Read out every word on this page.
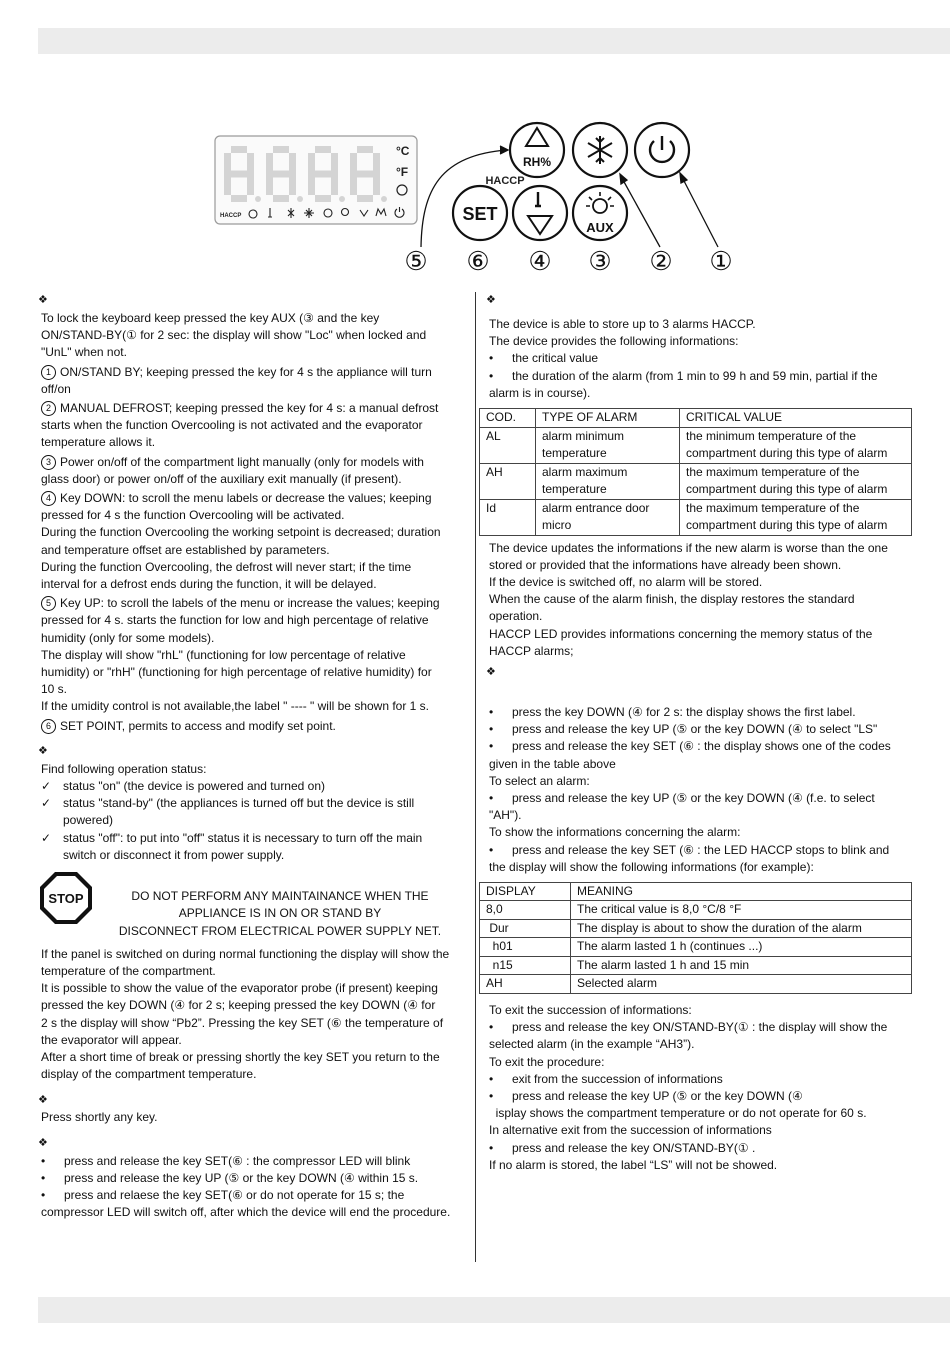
°C
°F
HACCP
RH%
HACCP
SET
AUX
⑤ ⑥ ④ ③ ② ①
❖

To lock the keyboard keep pressed the key AUX (③ and the key

ON/STAND-BY(① for 2 sec: the display will show "Loc" when locked and

"UnL" when not.

1 ON/STAND BY; keeping pressed the key for 4 s the appliance will turn

off/on

2 MANUAL DEFROST; keeping pressed the key for 4 s: a manual defrost

starts when the function Overcooling is not activated and the evaporator

temperature allows it.

3 Power on/off of the compartment light manually (only for models with

glass door) or power on/off of the auxiliary exit manually (if present).

4 Key DOWN: to scroll the menu labels or decrease the values; keeping

pressed for 4 s the function Overcooling will be activated.

During the function Overcooling the working setpoint is decreased; duration

and temperature offset are established by parameters.

During the function Overcooling, the defrost will never start; if the time

interval for a defrost ends during the function, it will be delayed.

5 Key UP: to scroll the labels of the menu or increase the values; keeping

pressed for 4 s. starts the function for low and high percentage of relative

humidity (only for some models).

The display will show "rhL" (functioning for low percentage of relative

humidity) or "rhH" (functioning for high percentage of relative humidity) for

10 s.

If the umidity control is not available,the label " ---- " will be shown for 1 s.

6 SET POINT, permits to access and modify set point.
❖

Find following operation status:

✓ status "on" (the device is powered and turned on)
✓ status "stand-by" (the appliances is turned off but the device is still
powered)
✓ status "off": to put into "off" status it is necessary to turn off the main
switch or disconnect it from power supply.
STOP	DO NOT PERFORM ANY MAINTAINANCE WHEN THE
APPLIANCE IS IN ON OR STAND BY
DISCONNECT FROM ELECTRICAL POWER SUPPLY NET.

If the panel is switched on during normal functioning the display will show the

temperature of the compartment.

It is possible to show the value of the evaporator probe (if present) keeping

pressed the key DOWN (④ for 2 s; keeping pressed the key DOWN (④ for

2 s the display will show “Pb2”. Pressing the key SET (⑥ the temperature of

the evaporator will appear.

After a short time of break or pressing shortly the key SET you return to the

display of the compartment temperature.

❖

Press shortly any key.

❖
•	press and release the key SET(⑥ : the compressor LED will blink
•	press and release the key UP (⑤ or the key DOWN (④ within 15 s.
•	press and relaese the key SET(⑥ or do not operate for 15 s; the

compressor LED will switch off, after which the device will end the procedure.

❖

The device is able to store up to 3 alarms HACCP.

The device provides the following informations:

•	the critical value
•	the duration of the alarm (from 1 min to 99 h and 59 min, partial if the

alarm is in course).

COD.	TYPE OF ALARM	CRITICAL VALUE
AL	alarm minimum temperature	the minimum temperature of the compartment during this type of alarm
AH	alarm maximum temperature	the maximum temperature of the compartment during this type of alarm
Id	alarm entrance door micro	the maximum temperature of the compartment during this type of alarm

The device updates the informations if the new alarm is worse than the one

stored or provided that the informations have already been shown.

If the device is switched off, no alarm will be stored.

When the cause of the alarm finish, the display restores the standard

operation.

HACCP LED provides informations concerning the memory status of the

HACCP alarms;

❖
•	press the key DOWN (④ for 2 s: the display shows the first label.
•	press and release the key UP (⑤ or the key DOWN (④ to select "LS"
•	press and release the key SET (⑥ : the display shows one of the codes

given in the table above

To select an alarm:

•	press and release the key UP (⑤ or the key DOWN (④ (f.e. to select

"AH").

To show the informations concerning the alarm:

•	press and release the key SET (⑥ : the LED HACCP stops to blink and

the display will show the following informations (for example):

DISPLAY	MEANING
8,0	The critical value is 8,0 °C/8 °F
Dur	The display is about to show the duration of the alarm
h01	The alarm lasted 1 h (continues ...)
n15	The alarm lasted 1 h and 15 min
AH	Selected alarm

To exit the succession of informations:

•	press and release the key ON/STAND-BY(① : the display will show the

selected alarm (in the example “AH3”).

To exit the procedure:

•	exit from the succession of informations
•	press and release the key UP (⑤ or the key DOWN (④

isplay shows the compartment temperature or do not operate for 60 s.

In alternative exit from the succession of informations

•	press and release the key ON/STAND-BY(① .

If no alarm is stored, the label “LS” will not be showed.
